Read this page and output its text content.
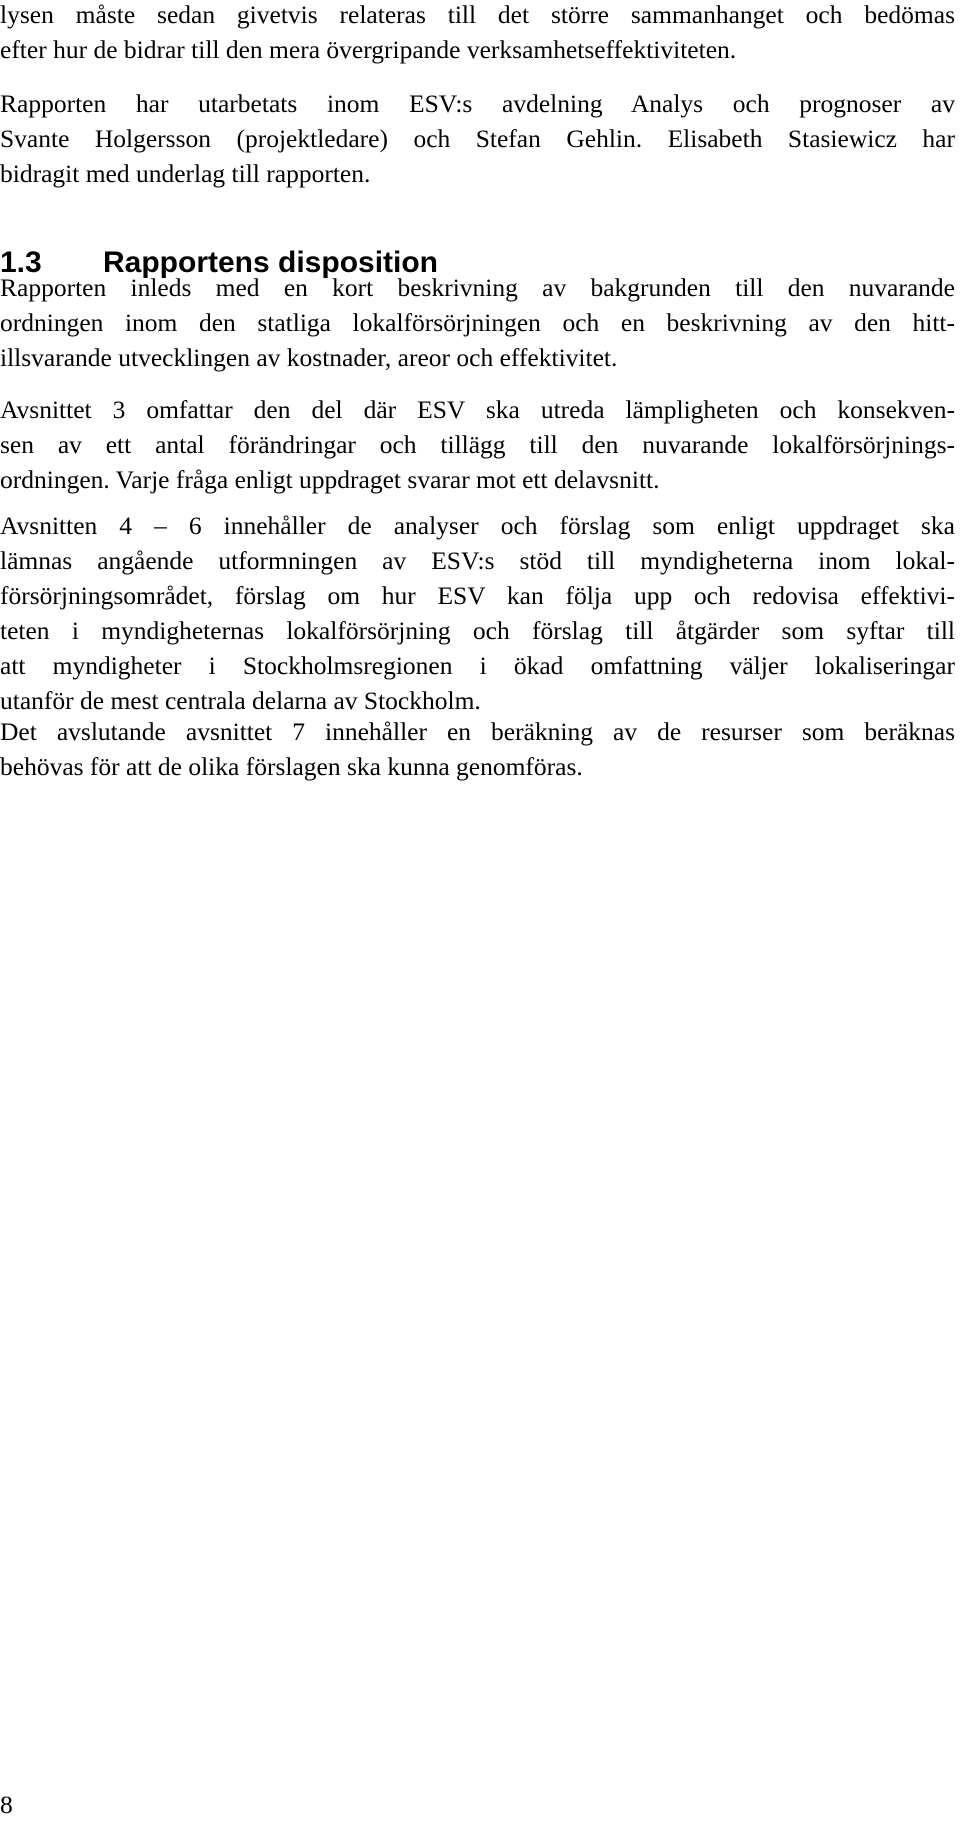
lysen måste sedan givetvis relateras till det större sammanhanget och bedömas
efter hur de bidrar till den mera övergripande verksamhetseffektiviteten.
Rapporten har utarbetats inom ESV:s avdelning Analys och prognoser av
Svante Holgersson (projektledare) och Stefan Gehlin. Elisabeth Stasiewicz har
bidragit med underlag till rapporten.
1.3 Rapportens disposition
Rapporten inleds med en kort beskrivning av bakgrunden till den nuvarande
ordningen inom den statliga lokalförsörjningen och en beskrivning av den hitt-
illsvarande utvecklingen av kostnader, areor och effektivitet.
Avsnittet 3 omfattar den del där ESV ska utreda lämpligheten och konsekven-
sen av ett antal förändringar och tillägg till den nuvarande lokalförsörjnings-
ordningen. Varje fråga enligt uppdraget svarar mot ett delavsnitt.
Avsnitten 4 – 6 innehåller de analyser och förslag som enligt uppdraget ska
lämnas angående utformningen av ESV:s stöd till myndigheterna inom lokal-
försörjningsområdet, förslag om hur ESV kan följa upp och redovisa effektivi-
teten i myndigheternas lokalförsörjning och förslag till åtgärder som syftar till
att myndigheter i Stockholmsregionen i ökad omfattning väljer lokaliseringar
utanför de mest centrala delarna av Stockholm.
Det avslutande avsnittet 7 innehåller en beräkning av de resurser som beräknas
behövas för att de olika förslagen ska kunna genomföras.
8
